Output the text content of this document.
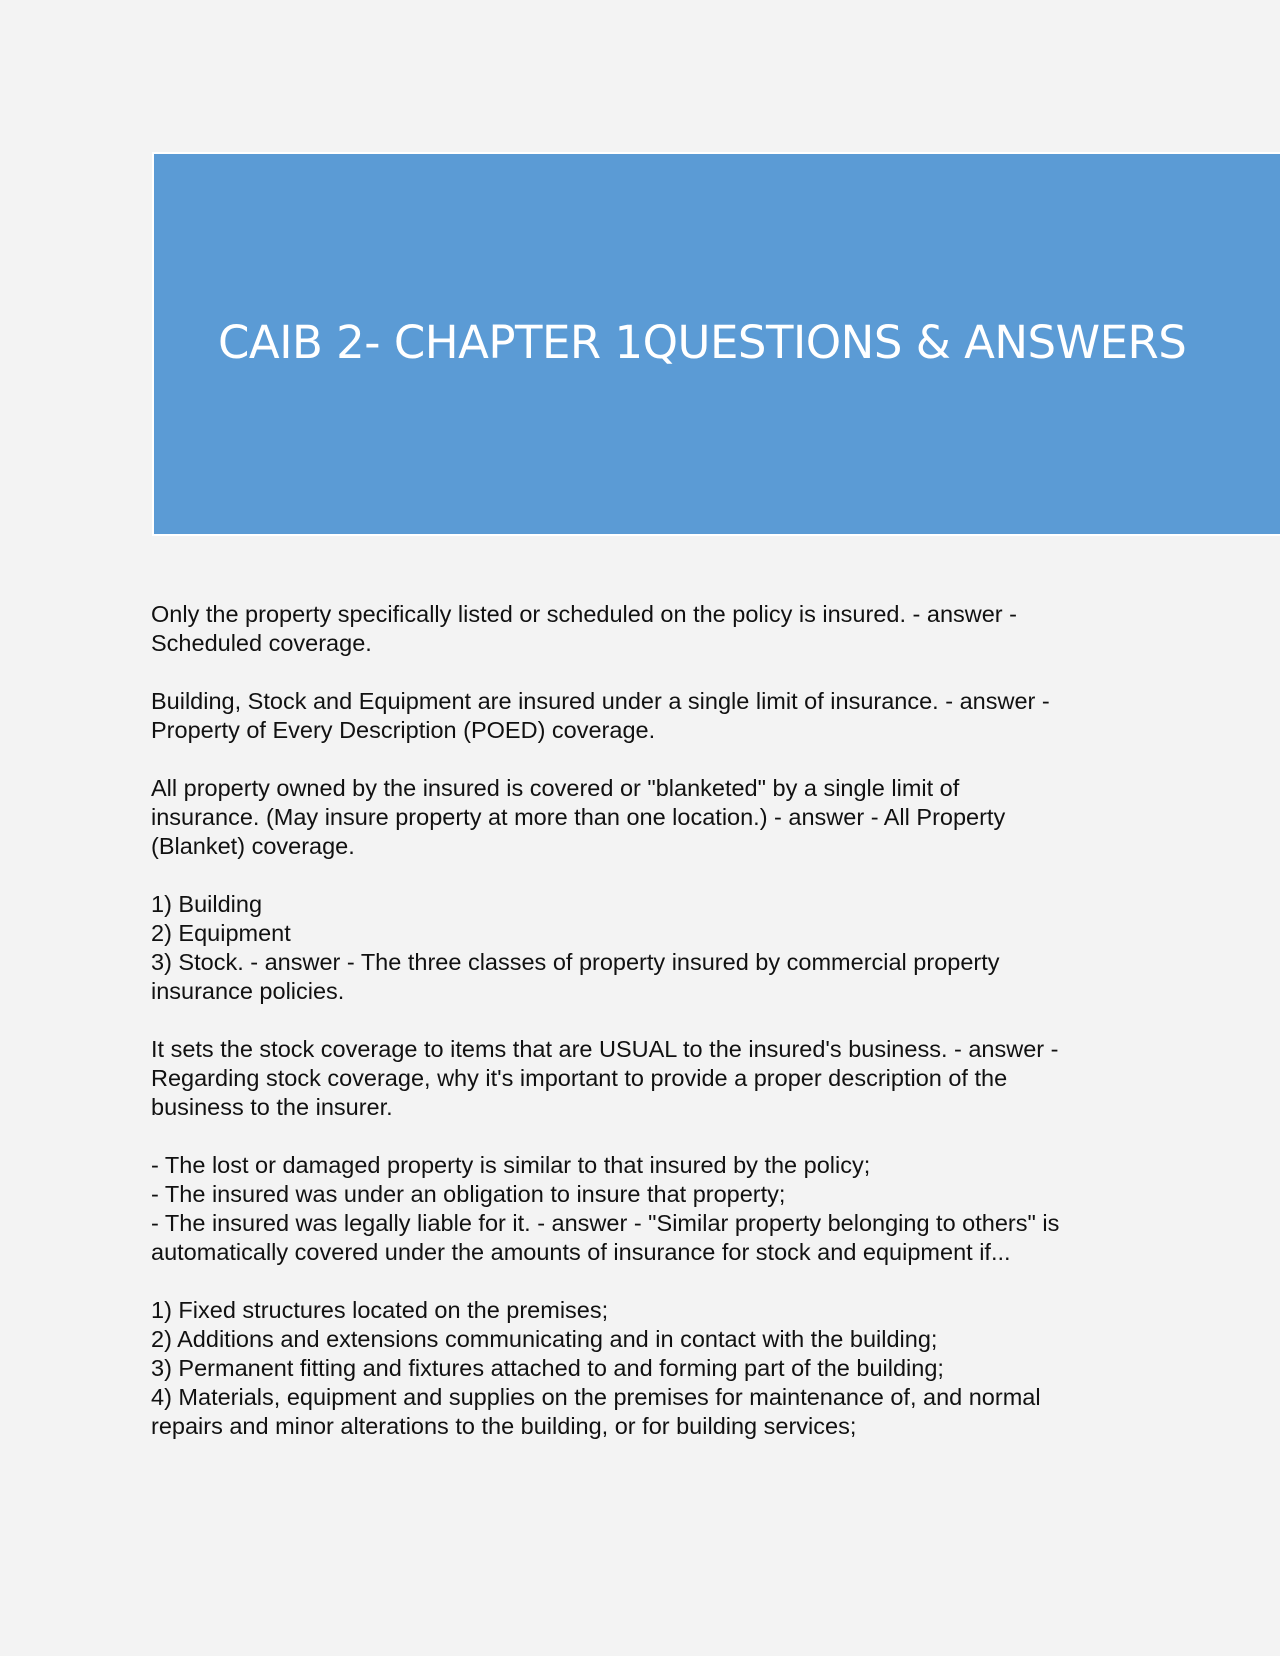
CAIB 2- CHAPTER 1QUESTIONS & ANSWERS

Only the property specifically listed or scheduled on the policy is insured. - answer -
Scheduled coverage.

Building, Stock and Equipment are insured under a single limit of insurance. - answer -
Property of Every Description (POED) coverage.

All property owned by the insured is covered or "blanketed" by a single limit of
insurance. (May insure property at more than one location.) - answer - All Property
(Blanket) coverage.

1) Building
2) Equipment
3) Stock. - answer - The three classes of property insured by commercial property
insurance policies.

It sets the stock coverage to items that are USUAL to the insured's business. - answer -
Regarding stock coverage, why it's important to provide a proper description of the
business to the insurer.

- The lost or damaged property is similar to that insured by the policy;
- The insured was under an obligation to insure that property;
- The insured was legally liable for it. - answer - "Similar property belonging to others" is
automatically covered under the amounts of insurance for stock and equipment if...

1) Fixed structures located on the premises;
2) Additions and extensions communicating and in contact with the building;
3) Permanent fitting and fixtures attached to and forming part of the building;
4) Materials, equipment and supplies on the premises for maintenance of, and normal
repairs and minor alterations to the building, or for building services;
